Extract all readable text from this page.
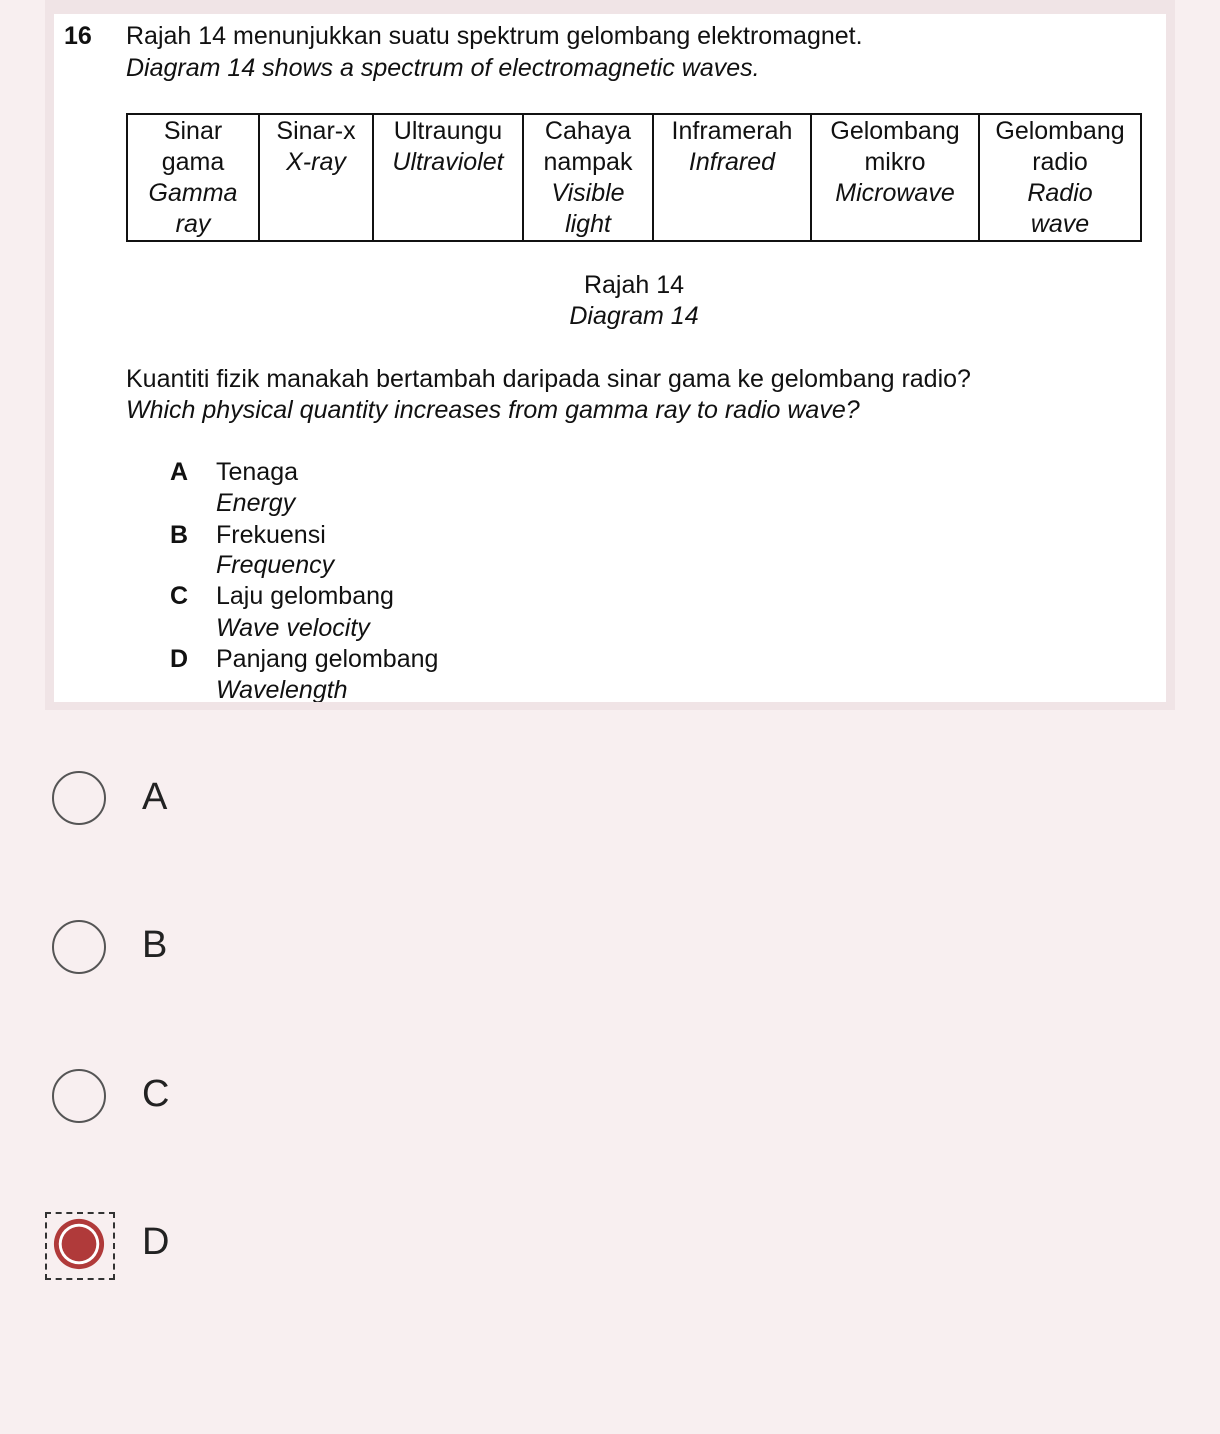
16 Rajah 14 menunjukkan suatu spektrum gelombang elektromagnet.
Diagram 14 shows a spectrum of electromagnetic waves.
Sinar
gama
Gamma
ray

Sinar-x
X-ray

Ultraungu
Ultraviolet

Cahaya
nampak
Visible
light

Inframerah
Infrared

Gelombang
mikro
Microwave

Gelombang
radio
Radio
wave
Rajah 14
Diagram 14
Kuantiti fizik manakah bertambah daripada sinar gama ke gelombang radio?
Which physical quantity increases from gamma ray to radio wave?
A Tenaga
Energy
B Frekuensi
Frequency
C Laju gelombang
Wave velocity
D Panjang gelombang
Wavelength
A
B
C
D
